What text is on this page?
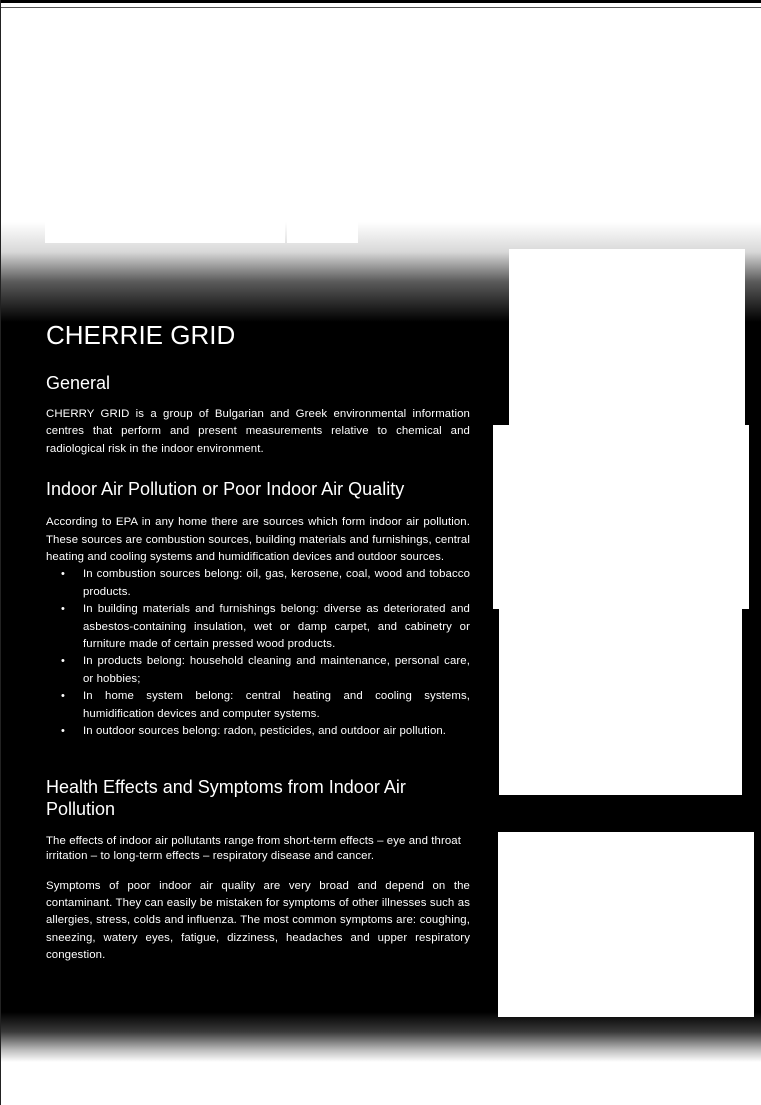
CHERRIE GRID
General

CHERRY GRID is a group of Bulgarian and Greek environmental information centres that perform and present measurements relative to chemical and radiological risk in the indoor environment.

Indoor Air Pollution or Poor Indoor Air Quality

According to EPA in any home there are sources which form indoor air pollution. These sources are combustion sources, building materials and furnishings, central heating and cooling systems and humidification devices and outdoor sources.

• In combustion sources belong: oil, gas, kerosene, coal, wood and tobacco products.
• In building materials and furnishings belong: diverse as deteriorated and asbestos-containing insulation, wet or damp carpet, and cabinetry or furniture made of certain pressed wood products.
• In products belong: household cleaning and maintenance, personal care, or hobbies;
• In home system belong: central heating and cooling systems, humidification devices and computer systems.
• In outdoor sources belong: radon, pesticides, and outdoor air pollution.
Health Effects and Symptoms from Indoor Air Pollution

The effects of indoor air pollutants range from short-term effects – eye and throat irritation – to long-term effects – respiratory disease and cancer.

Symptoms of poor indoor air quality are very broad and depend on the contaminant. They can easily be mistaken for symptoms of other illnesses such as allergies, stress, colds and influenza. The most common symptoms are: coughing, sneezing, watery eyes, fatigue, dizziness, headaches and upper respiratory congestion.
